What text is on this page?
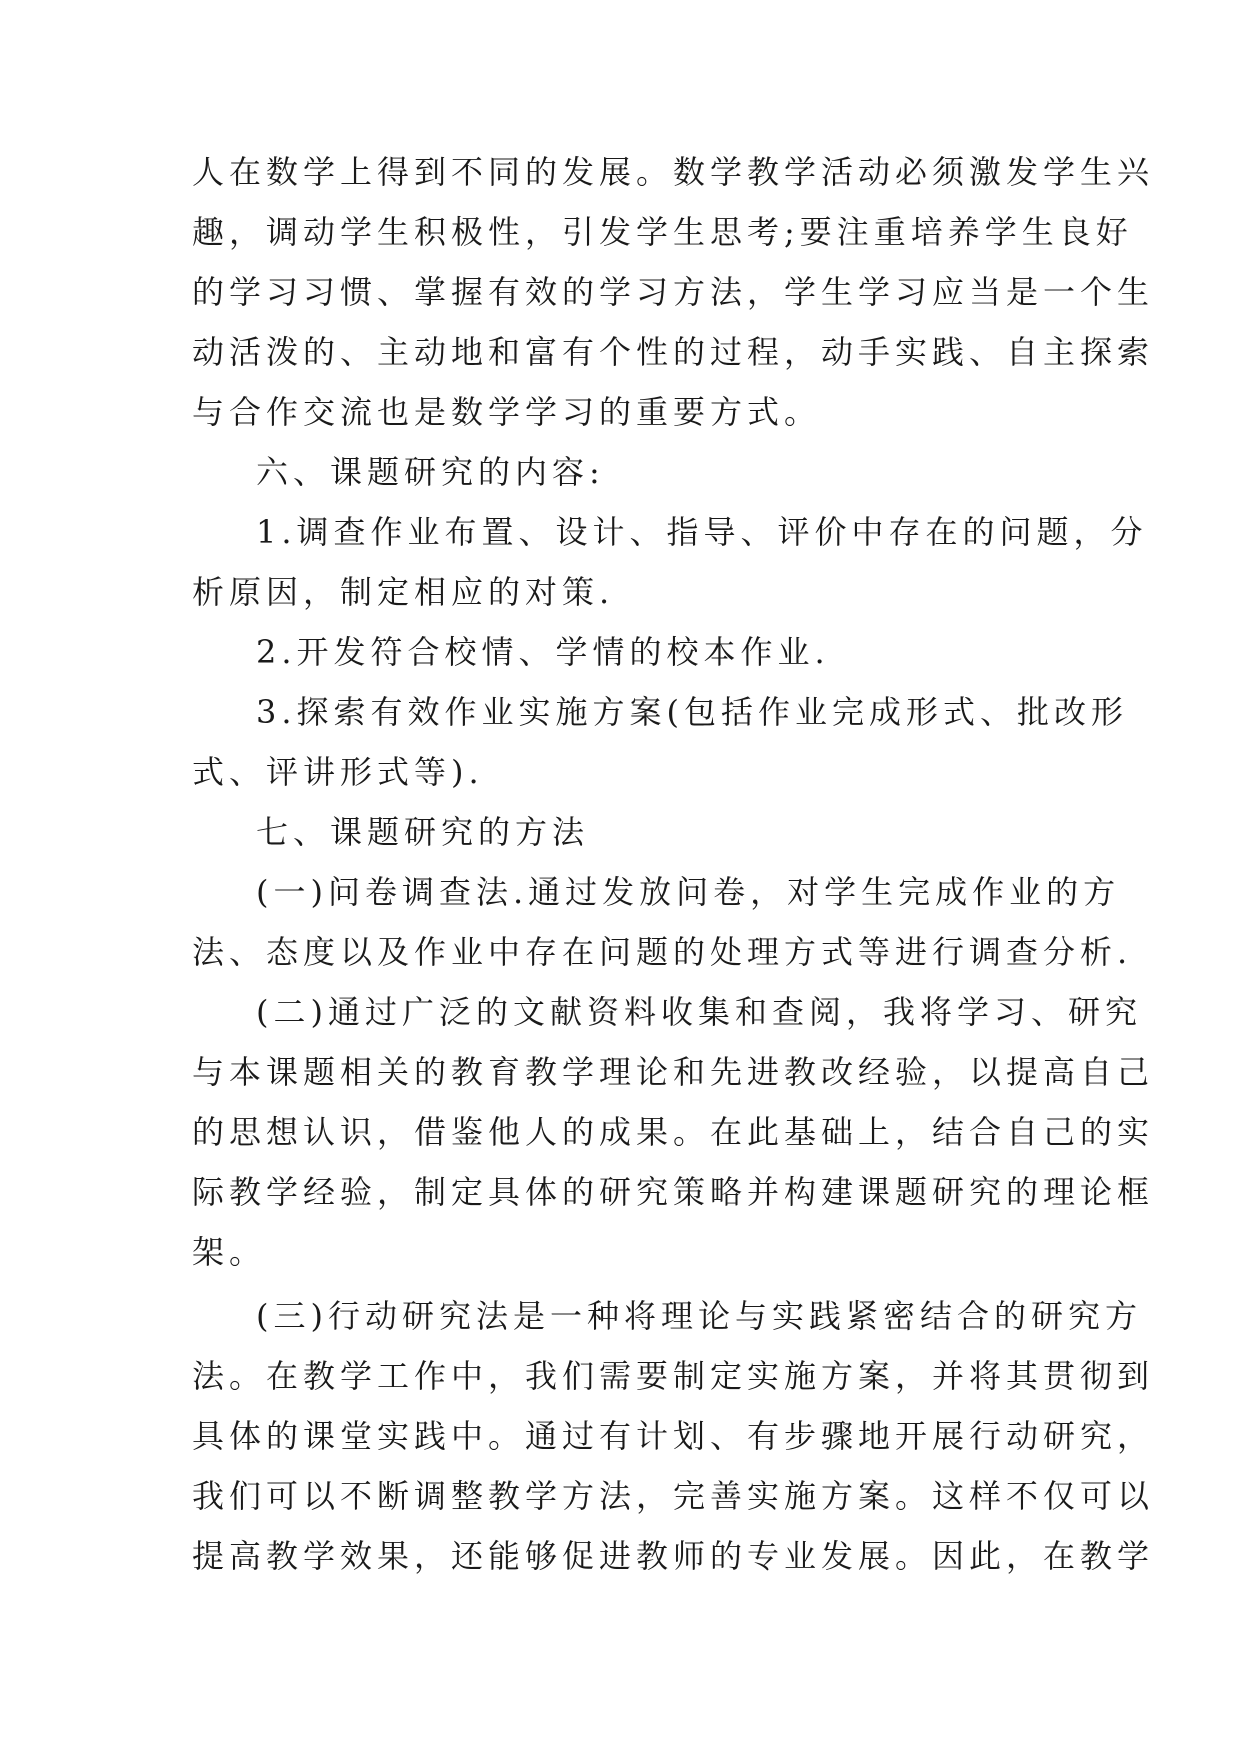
人在数学上得到不同的发展。数学教学活动必须激发学生兴
趣，调动学生积极性，引发学生思考;要注重培养学生良好
的学习习惯、掌握有效的学习方法，学生学习应当是一个生
动活泼的、主动地和富有个性的过程，动手实践、自主探索
与合作交流也是数学学习的重要方式。
六、课题研究的内容:
1.调查作业布置、设计、指导、评价中存在的问题，分
析原因，制定相应的对策.
2.开发符合校情、学情的校本作业.
3.探索有效作业实施方案(包括作业完成形式、批改形
式、评讲形式等).
七、课题研究的方法
(一)问卷调查法.通过发放问卷，对学生完成作业的方
法、态度以及作业中存在问题的处理方式等进行调查分析.
(二)通过广泛的文献资料收集和查阅，我将学习、研究
与本课题相关的教育教学理论和先进教改经验，以提高自己
的思想认识，借鉴他人的成果。在此基础上，结合自己的实
际教学经验，制定具体的研究策略并构建课题研究的理论框
架。
(三)行动研究法是一种将理论与实践紧密结合的研究方
法。在教学工作中，我们需要制定实施方案，并将其贯彻到
具体的课堂实践中。通过有计划、有步骤地开展行动研究，
我们可以不断调整教学方法，完善实施方案。这样不仅可以
提高教学效果，还能够促进教师的专业发展。因此，在教学
